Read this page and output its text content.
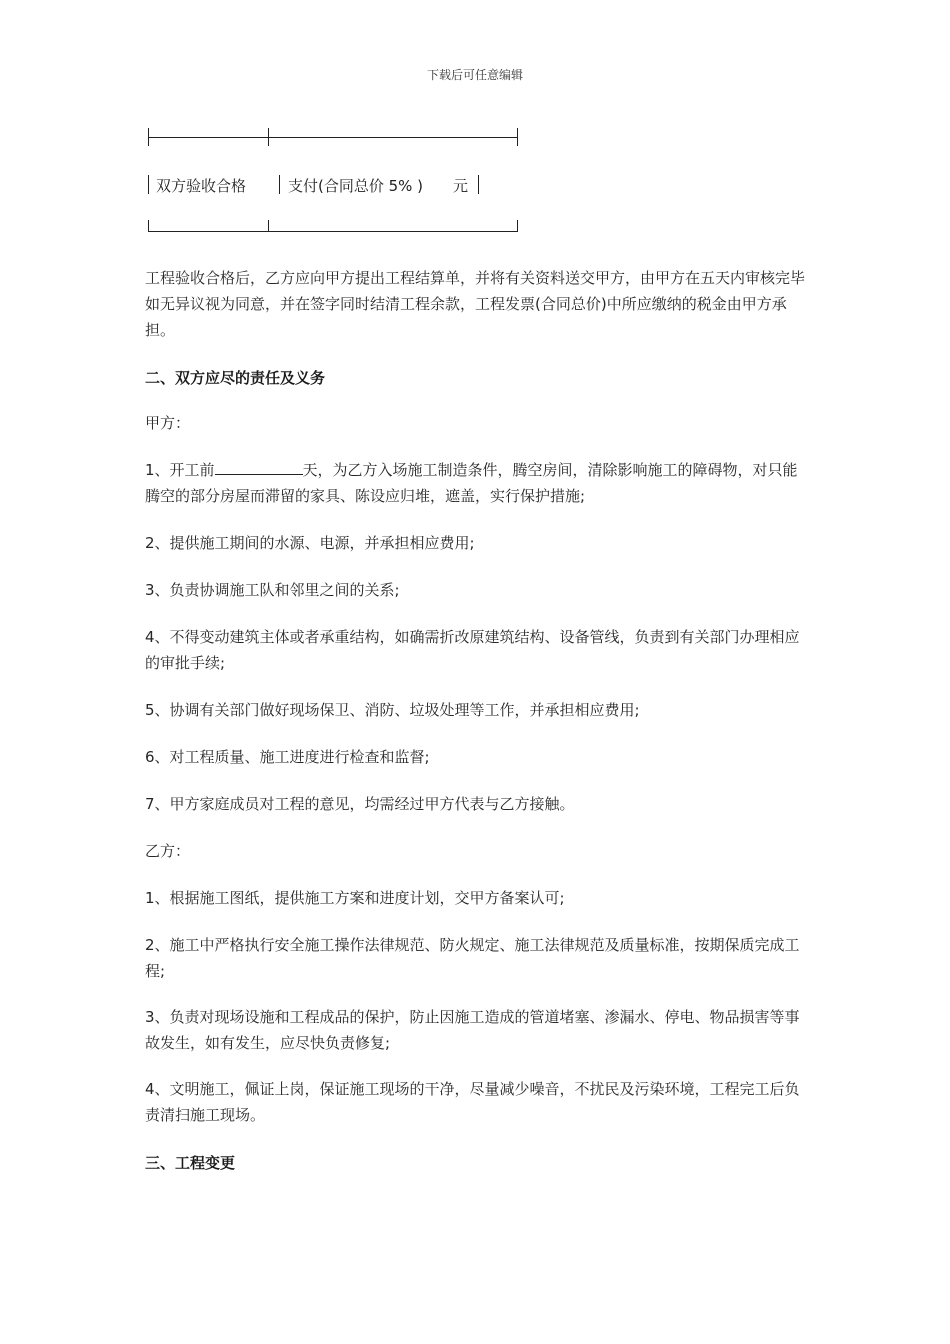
下载后可任意编辑
双方验收合格	支付(合同总价 5% ) 元
工程验收合格后，乙方应向甲方提出工程结算单，并将有关资料送交甲方，由甲方在五天内审核完毕如无异议视为同意，并在签字同时结清工程余款，工程发票(合同总价)中所应缴纳的税金由甲方承担。
二、双方应尽的责任及义务
甲方：
1、开工前	天，为乙方入场施工制造条件，腾空房间，清除影响施工的障碍物，对只能腾空的部分房屋而滞留的家具、陈设应归堆，遮盖，实行保护措施;
2、提供施工期间的水源、电源，并承担相应费用;
3、负责协调施工队和邻里之间的关系;
4、不得变动建筑主体或者承重结构，如确需折改原建筑结构、设备管线，负责到有关部门办理相应的审批手续;
5、协调有关部门做好现场保卫、消防、垃圾处理等工作，并承担相应费用;
6、对工程质量、施工进度进行检查和监督;
7、甲方家庭成员对工程的意见，均需经过甲方代表与乙方接触。
乙方：
1、根据施工图纸，提供施工方案和进度计划，交甲方备案认可;
2、施工中严格执行安全施工操作法律规范、防火规定、施工法律规范及质量标准，按期保质完成工程;
3、负责对现场设施和工程成品的保护，防止因施工造成的管道堵塞、渗漏水、停电、物品损害等事故发生，如有发生，应尽快负责修复;
4、文明施工，佩证上岗，保证施工现场的干净，尽量减少噪音，不扰民及污染环境，工程完工后负责清扫施工现场。
三、工程变更
